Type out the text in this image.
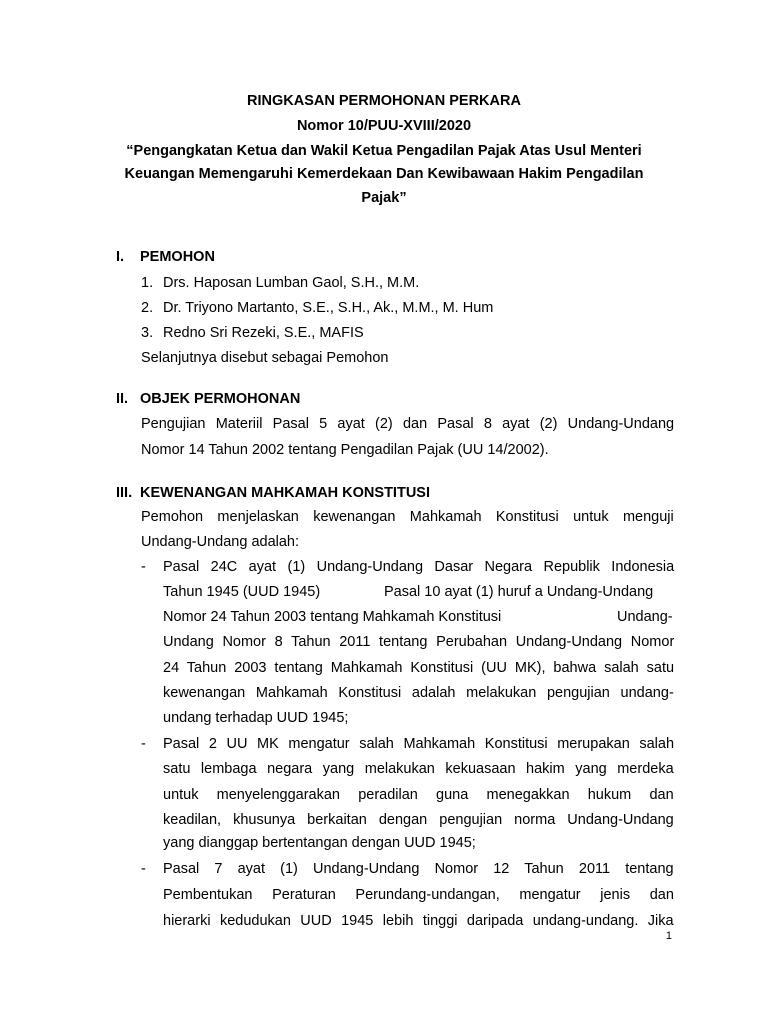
RINGKASAN PERMOHONAN PERKARA
Nomor 10/PUU-XVIII/2020
“Pengangkatan Ketua dan Wakil Ketua Pengadilan Pajak Atas Usul Menteri
Keuangan Memengaruhi Kemerdekaan Dan Kewibawaan Hakim Pengadilan
Pajak”
I. PEMOHON
1. Drs. Haposan Lumban Gaol, S.H., M.M.
2. Dr. Triyono Martanto, S.E., S.H., Ak., M.M., M. Hum
3. Redno Sri Rezeki, S.E., MAFIS
Selanjutnya disebut sebagai Pemohon
II. OBJEK PERMOHONAN
Pengujian Materiil Pasal 5 ayat (2) dan Pasal 8 ayat (2) Undang-Undang
Nomor 14 Tahun 2002 tentang Pengadilan Pajak (UU 14/2002).
III. KEWENANGAN MAHKAMAH KONSTITUSI
Pemohon menjelaskan kewenangan Mahkamah Konstitusi untuk menguji
Undang-Undang adalah:
- Pasal 24C ayat (1) Undang-Undang Dasar Negara Republik Indonesia
Tahun 1945 (UUD 1945)	Pasal 10 ayat (1) huruf a Undang-Undang
Nomor 24 Tahun 2003 tentang Mahkamah Konstitusi	Undang-
Undang Nomor 8 Tahun 2011 tentang Perubahan Undang-Undang Nomor
24 Tahun 2003 tentang Mahkamah Konstitusi (UU MK), bahwa salah satu
kewenangan Mahkamah Konstitusi adalah melakukan pengujian undang-
undang terhadap UUD 1945;
- Pasal 2 UU MK mengatur salah Mahkamah Konstitusi merupakan salah
satu lembaga negara yang melakukan kekuasaan hakim yang merdeka
untuk menyelenggarakan peradilan guna menegakkan hukum dan
keadilan, khusunya berkaitan dengan pengujian norma Undang-Undang
yang dianggap bertentangan dengan UUD 1945;
- Pasal 7 ayat (1) Undang-Undang Nomor 12 Tahun 2011 tentang
Pembentukan Peraturan Perundang-undangan, mengatur jenis dan
hierarki kedudukan UUD 1945 lebih tinggi daripada undang-undang. Jika
1
